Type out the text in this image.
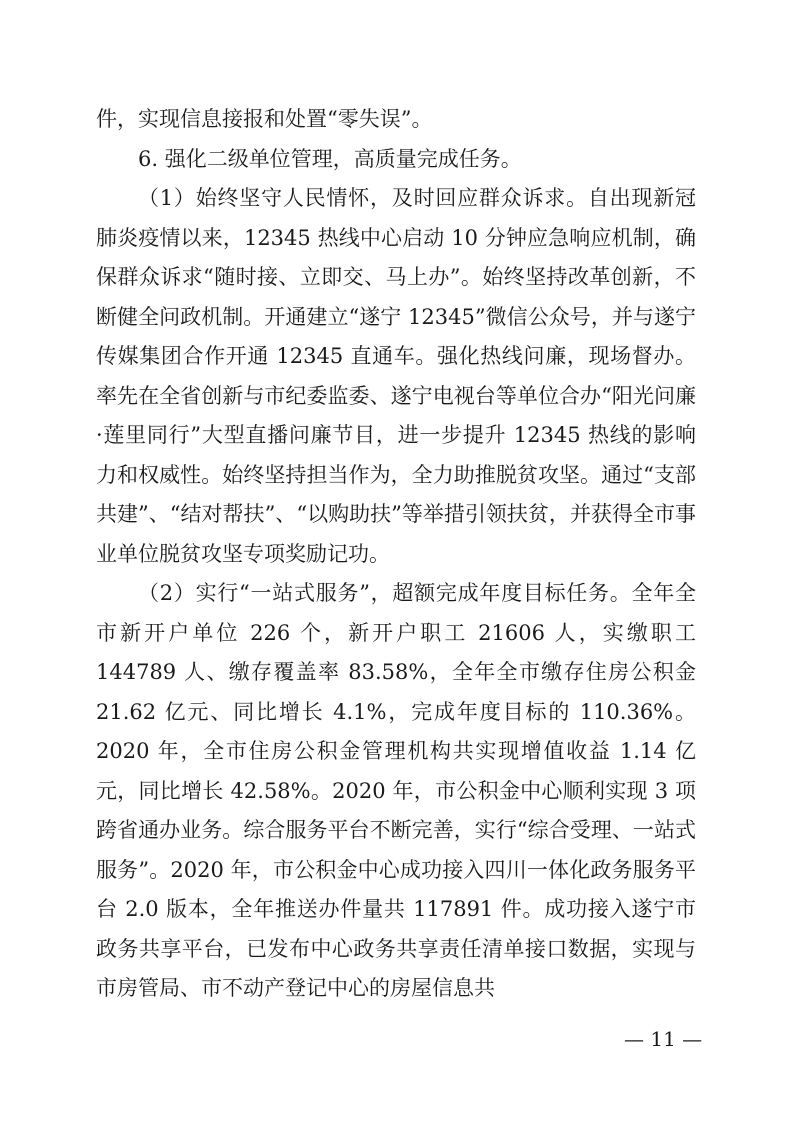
件，实现信息接报和处置“零失误”。

6. 强化二级单位管理，高质量完成任务。

（1）始终坚守人民情怀，及时回应群众诉求。自出现新冠肺炎疫情以来，12345 热线中心启动 10 分钟应急响应机制，确保群众诉求“随时接、立即交、马上办”。始终坚持改革创新，不断健全问政机制。开通建立“遂宁 12345”微信公众号，并与遂宁传媒集团合作开通 12345 直通车。强化热线问廉，现场督办。率先在全省创新与市纪委监委、遂宁电视台等单位合办“阳光问廉·莲里同行”大型直播问廉节目，进一步提升 12345 热线的影响力和权威性。始终坚持担当作为，全力助推脱贫攻坚。通过“支部共建”、“结对帮扶”、“以购助扶”等举措引领扶贫，并获得全市事业单位脱贫攻坚专项奖励记功。

（2）实行“一站式服务”，超额完成年度目标任务。全年全市新开户单位 226 个，新开户职工 21606 人，实缴职工 144789 人、缴存覆盖率 83.58%，全年全市缴存住房公积金 21.62 亿元、同比增长 4.1%，完成年度目标的 110.36%。2020 年，全市住房公积金管理机构共实现增值收益 1.14 亿元，同比增长 42.58%。2020 年，市公积金中心顺利实现 3 项跨省通办业务。综合服务平台不断完善，实行“综合受理、一站式服务”。2020 年，市公积金中心成功接入四川一体化政务服务平台 2.0 版本，全年推送办件量共 117891 件。成功接入遂宁市政务共享平台，已发布中心政务共享责任清单接口数据，实现与市房管局、市不动产登记中心的房屋信息共

— 11 —
